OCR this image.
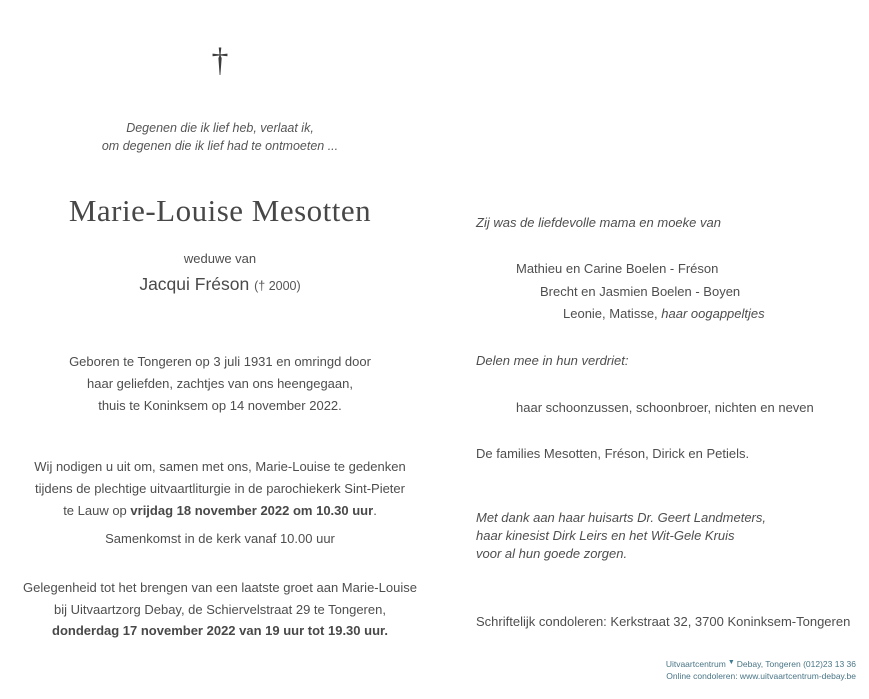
†
Degenen die ik lief heb, verlaat ik,
om degenen die ik lief had te ontmoeten ...
Marie-Louise Mesotten
weduwe van
Jacqui Fréson († 2000)
Geboren te Tongeren op 3 juli 1931 en omringd door
haar geliefden, zachtjes van ons heengegaan,
thuis te Koninksem op 14 november 2022.
Wij nodigen u uit om, samen met ons, Marie-Louise te gedenken
tijdens de plechtige uitvaartliturgie in de parochiekerk Sint-Pieter
te Lauw op vrijdag 18 november 2022 om 10.30 uur.
Samenkomst in de kerk vanaf 10.00 uur
Gelegenheid tot het brengen van een laatste groet aan Marie-Louise
bij Uitvaartzorg Debay, de Schiervelstraat 29 te Tongeren,
donderdag 17 november 2022 van 19 uur tot 19.30 uur.
Zij was de liefdevolle mama en moeke van
Mathieu en Carine Boelen - Fréson
Brecht en Jasmien Boelen - Boyen
Leonie, Matisse, haar oogappeltjes
Delen mee in hun verdriet:
haar schoonzussen, schoonbroer, nichten en neven
De families Mesotten, Fréson, Dirick en Petiels.
Met dank aan haar huisarts Dr. Geert Landmeters,
haar kinesist Dirk Leirs en het Wit-Gele Kruis
voor al hun goede zorgen.
Schriftelijk condoleren: Kerkstraat 32, 3700 Koninksem-Tongeren
Uitvaartcentrum ▼ Debay, Tongeren (012)23 13 36
Online condoleren: www.uitvaartcentrum-debay.be
